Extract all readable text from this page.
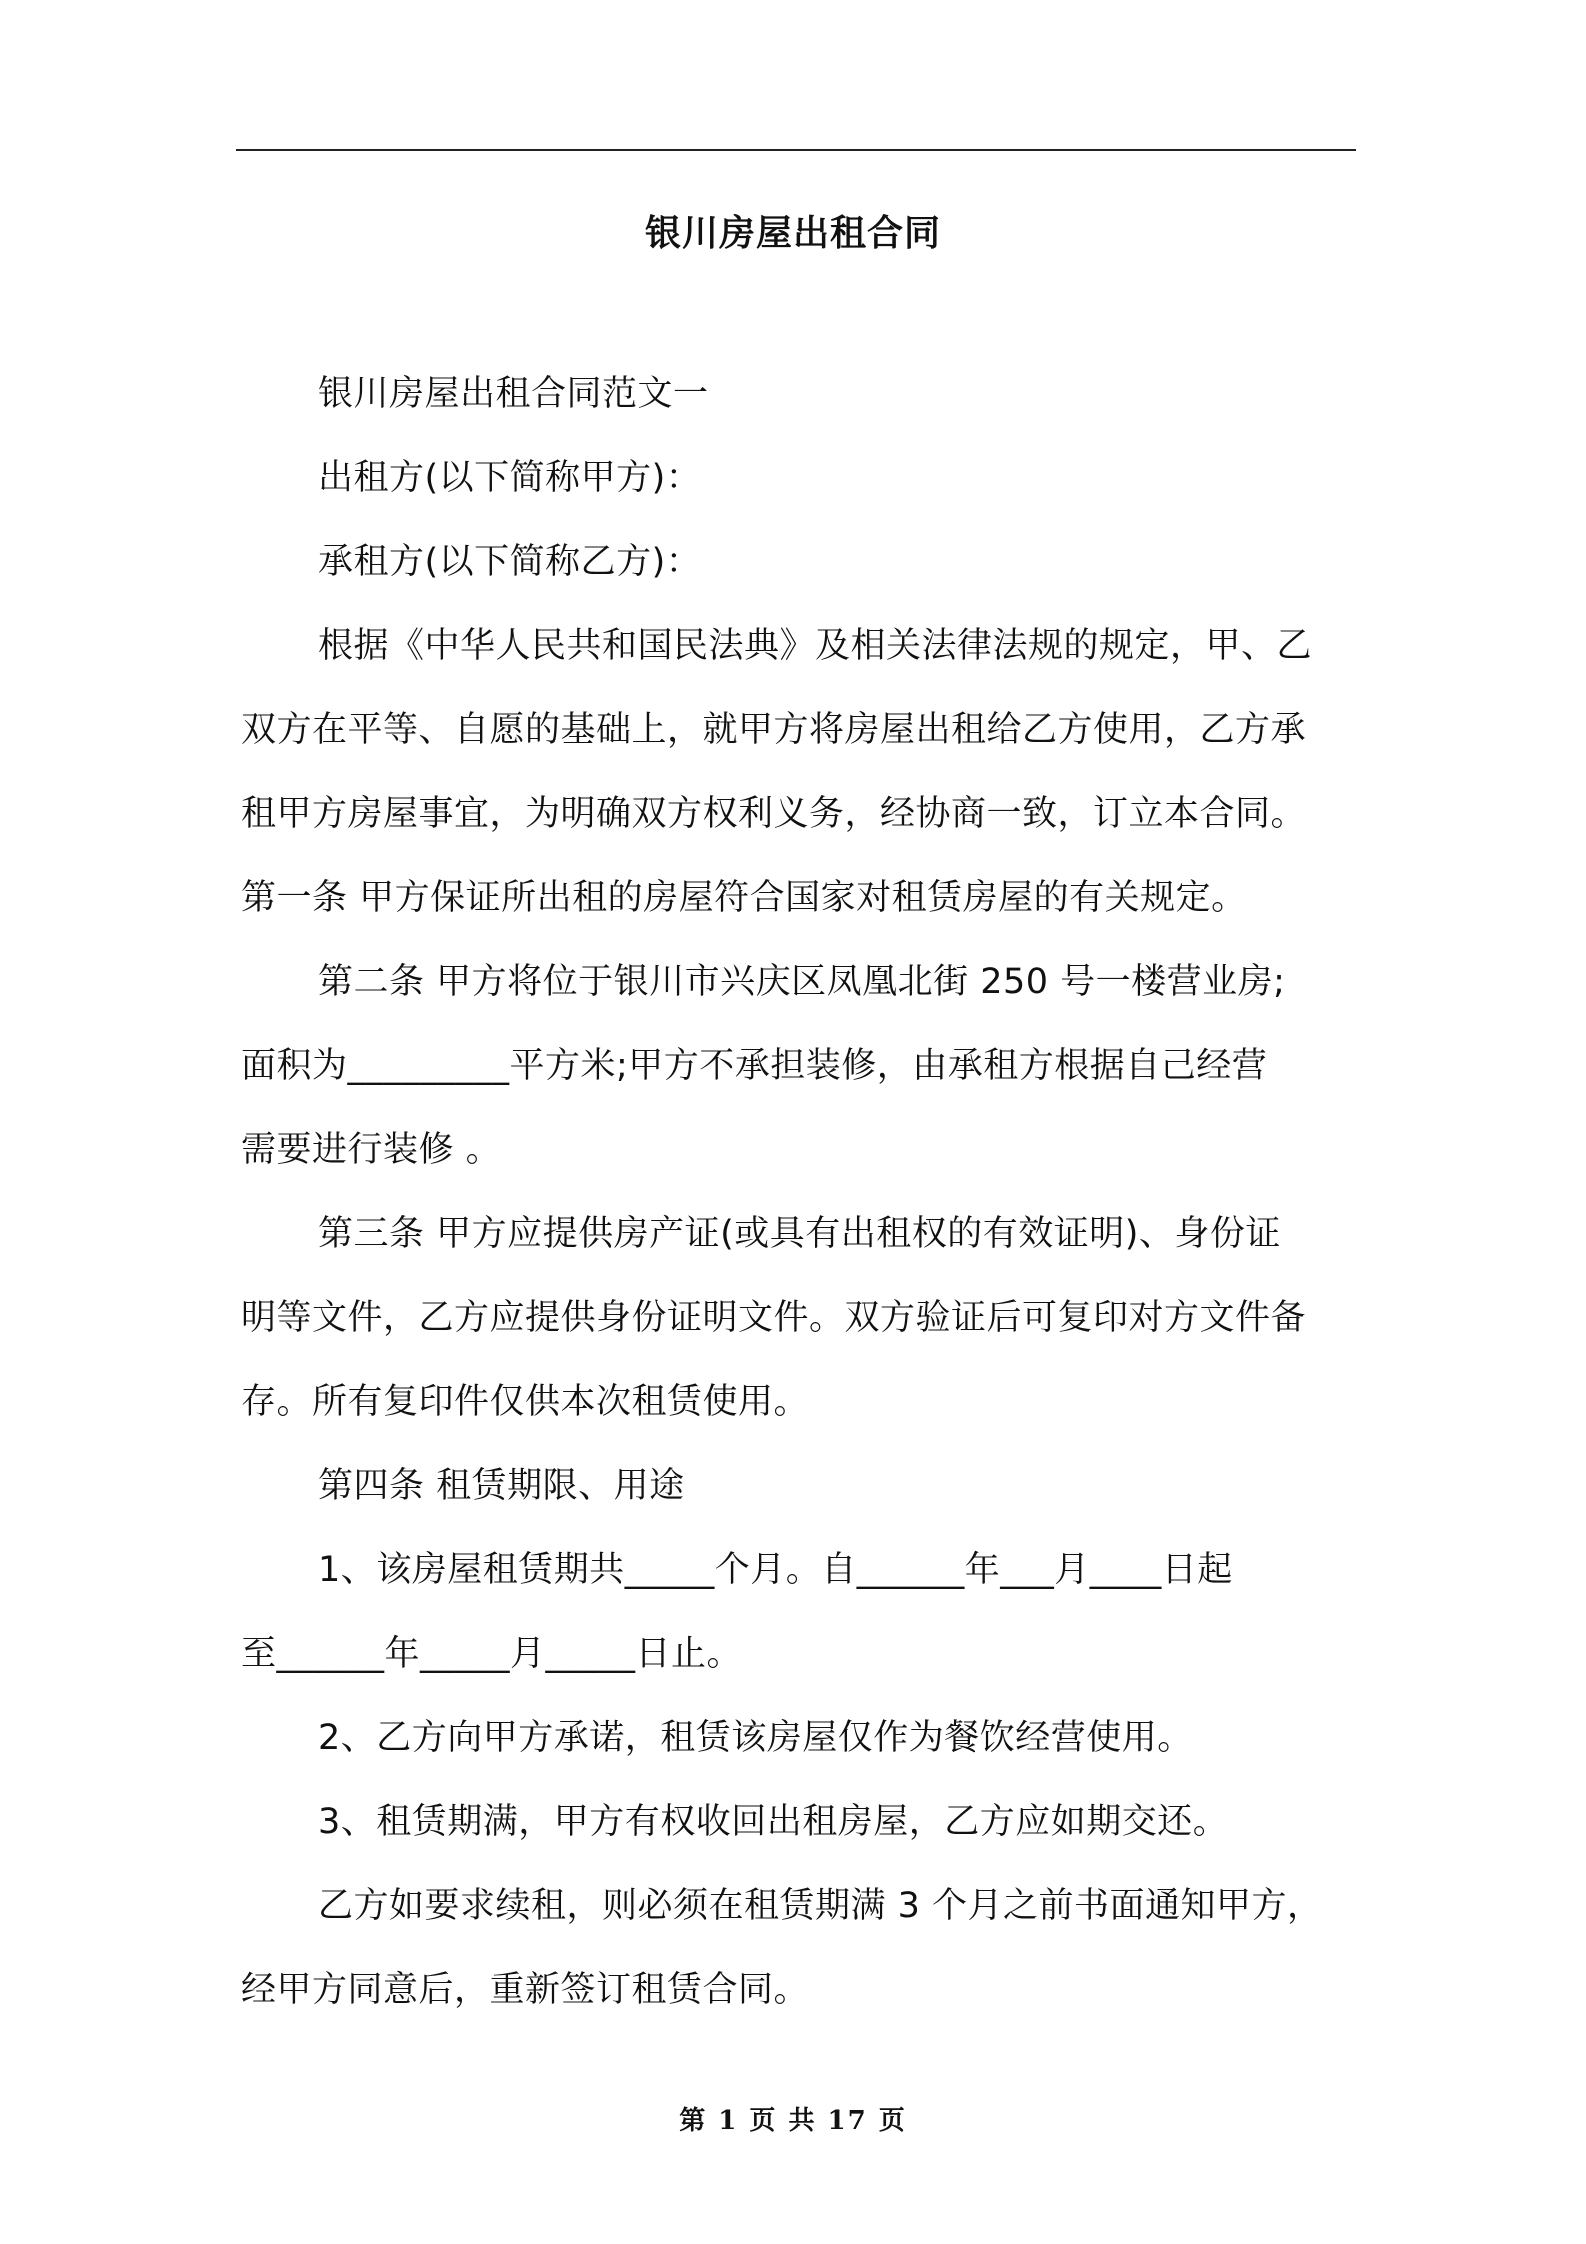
银川房屋出租合同
银川房屋出租合同范文一
出租方(以下简称甲方)：
承租方(以下简称乙方)：
根据《中华人民共和国民法典》及相关法律法规的规定，甲、乙
双方在平等、自愿的基础上，就甲方将房屋出租给乙方使用，乙方承
租甲方房屋事宜，为明确双方权利义务，经协商一致，订立本合同。
第一条 甲方保证所出租的房屋符合国家对租赁房屋的有关规定。
第二条 甲方将位于银川市兴庆区凤凰北街 250 号一楼营业房;
面积为_________平方米;甲方不承担装修，由承租方根据自己经营
需要进行装修 。
第三条 甲方应提供房产证(或具有出租权的有效证明)、身份证
明等文件，乙方应提供身份证明文件。双方验证后可复印对方文件备
存。所有复印件仅供本次租赁使用。
第四条 租赁期限、用途
1、该房屋租赁期共_____个月。自______年___月____日起
至______年_____月_____日止。
2、乙方向甲方承诺，租赁该房屋仅作为餐饮经营使用。
3、租赁期满，甲方有权收回出租房屋，乙方应如期交还。
乙方如要求续租，则必须在租赁期满 3 个月之前书面通知甲方，
经甲方同意后，重新签订租赁合同。
第 1 页 共 17 页
